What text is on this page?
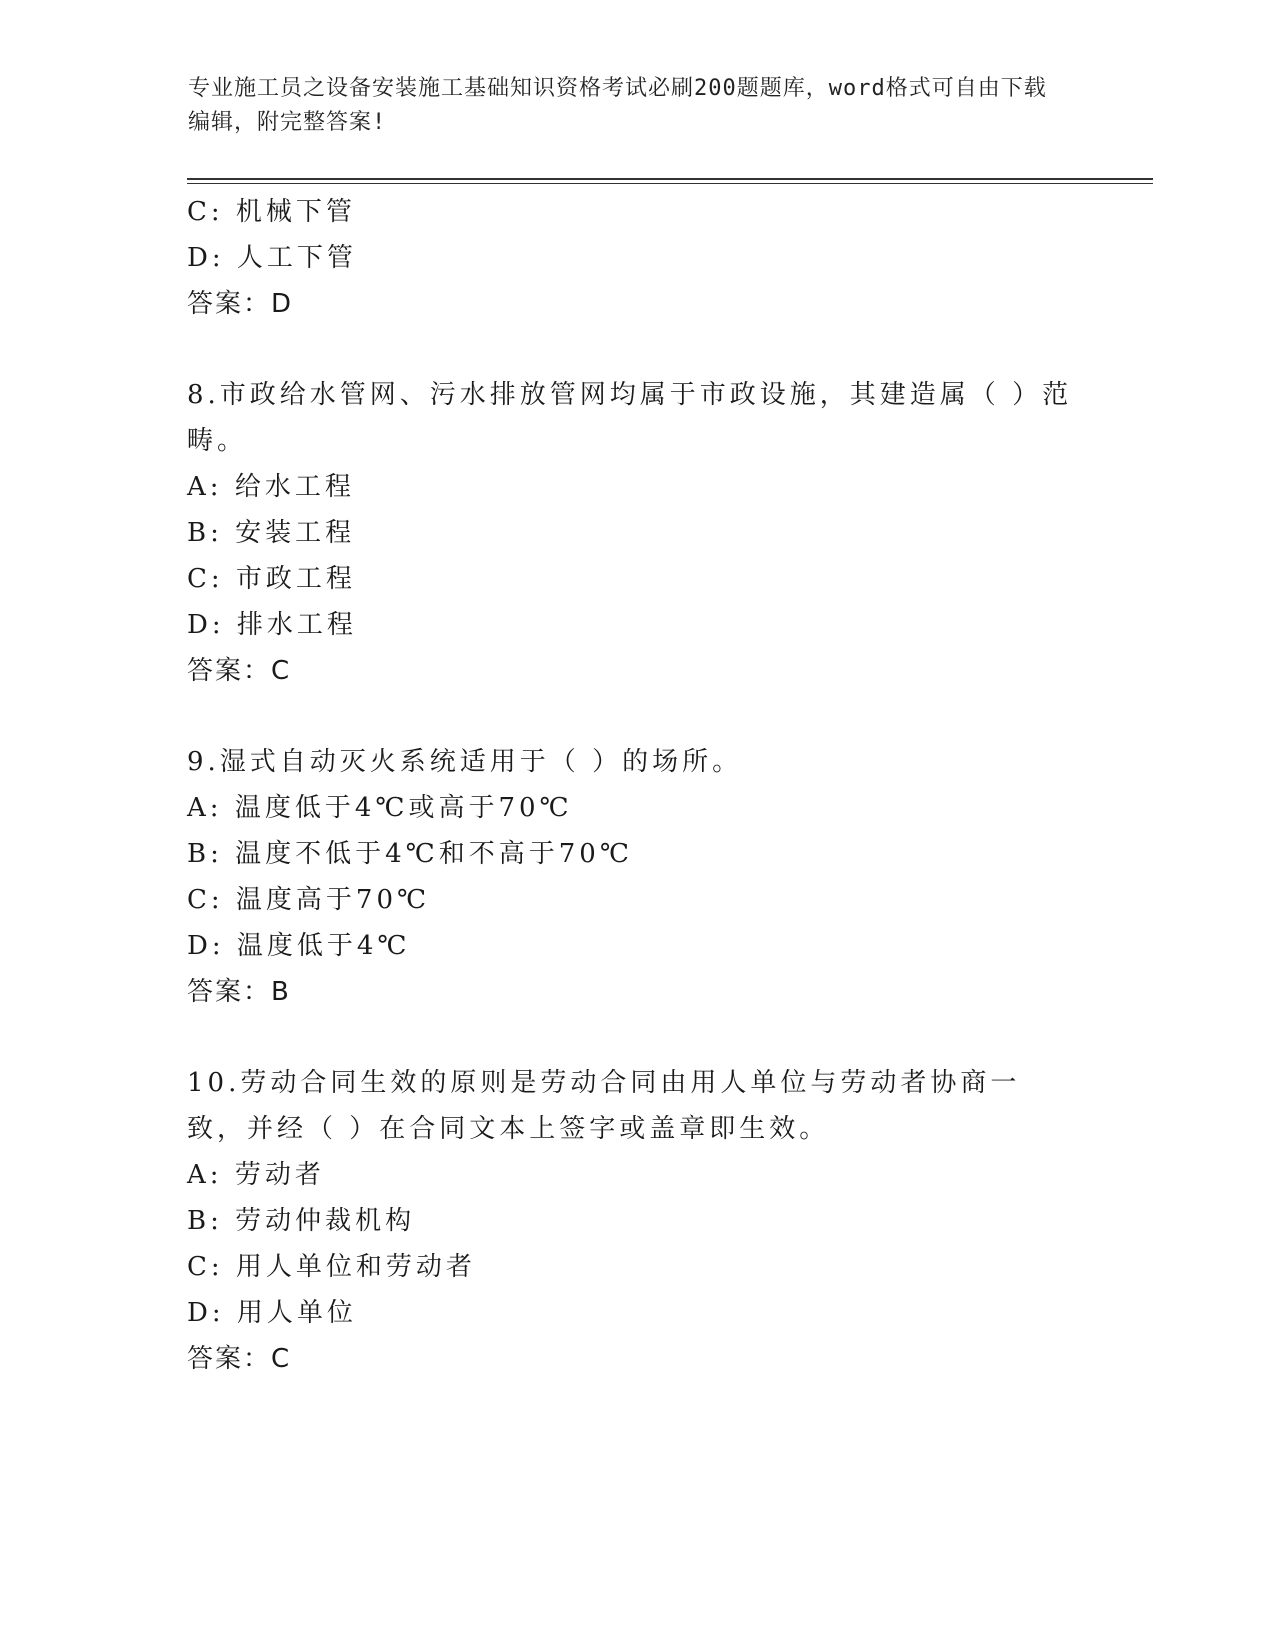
专业施工员之设备安装施工基础知识资格考试必刷200题题库，word格式可自由下载编辑，附完整答案!
C: 机械下管
D: 人工下管
答案：D
8.市政给水管网、污水排放管网均属于市政设施，其建造属（ ）范畴。
A: 给水工程
B: 安装工程
C: 市政工程
D: 排水工程
答案：C
9.湿式自动灭火系统适用于（ ）的场所。
A: 温度低于4℃或高于70℃
B: 温度不低于4℃和不高于70℃
C: 温度高于70℃
D: 温度低于4℃
答案：B
10.劳动合同生效的原则是劳动合同由用人单位与劳动者协商一致，并经（ ）在合同文本上签字或盖章即生效。
A: 劳动者
B: 劳动仲裁机构
C: 用人单位和劳动者
D: 用人单位
答案：C
